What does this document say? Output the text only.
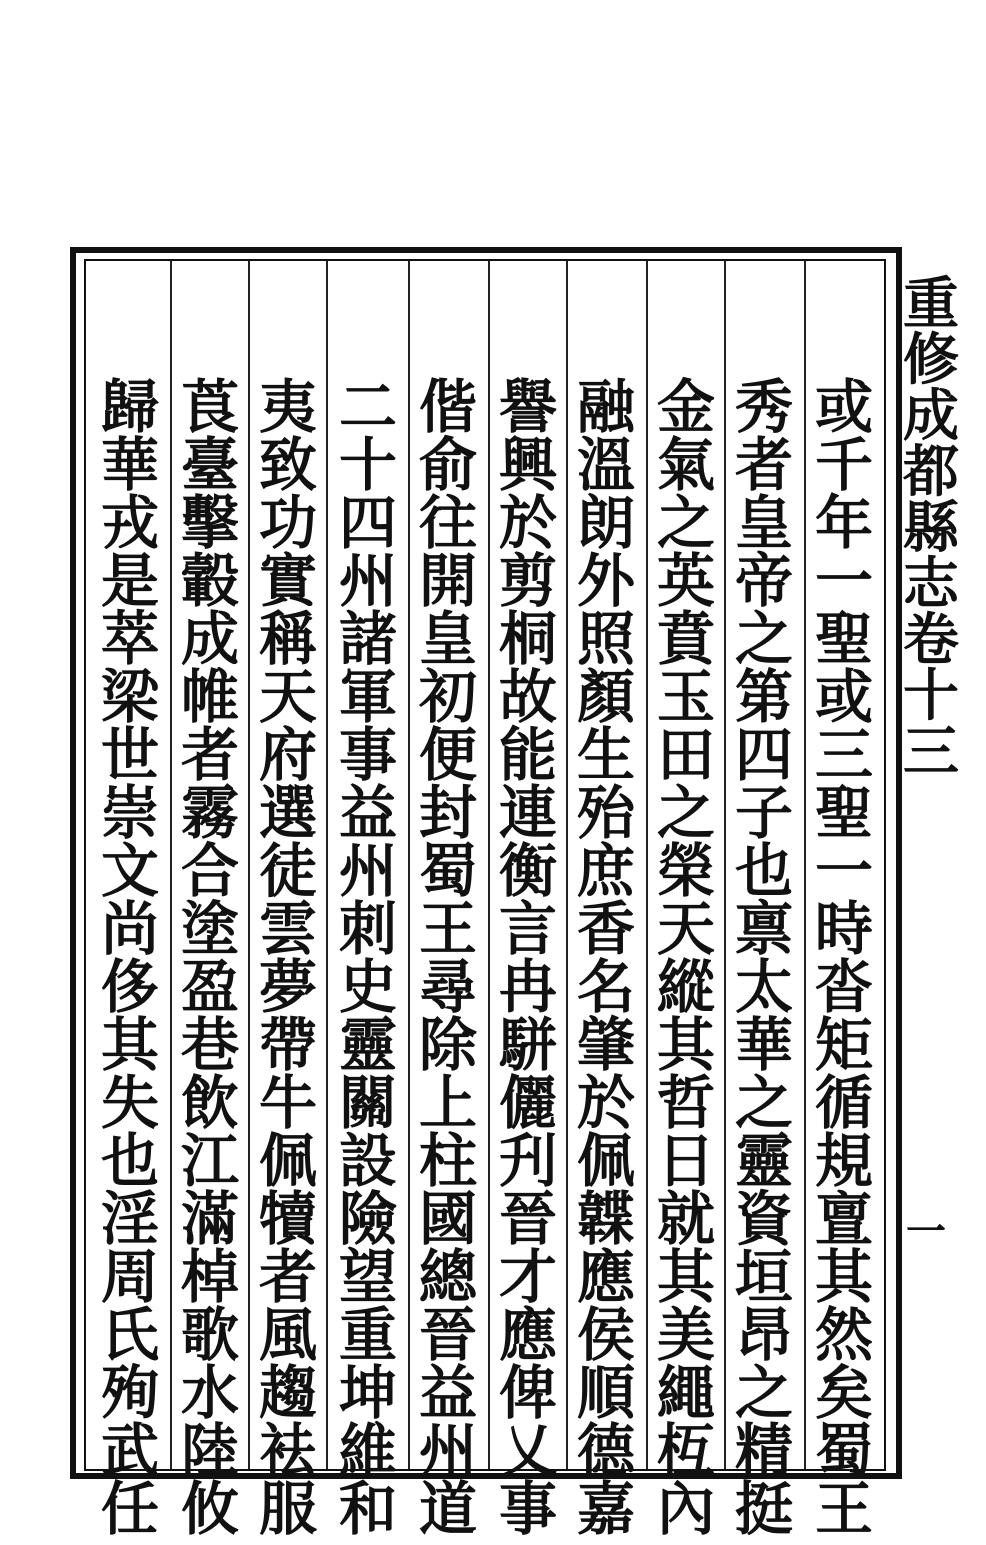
重
修
成
都
縣
志
卷
十
三
一
或
千
年
一
聖
或
三
聖
一
時
沓
矩
循
規
亶
其
然
矣
蜀
王
秀
者
皇
帝
之
第
四
子
也
禀
太
華
之
靈
資
垣
昂
之
精
挺
金
氣
之
英
賁
玉
田
之
榮
天
縱
其
哲
日
就
其
美
繩
枑
內
融
溫
朗
外
照
顏
生
殆
庶
香
名
肇
於
佩
韘
應
侯
順
德
嘉
譽
興
於
剪
桐
故
能
連
衡
言
冉
駢
儷
刋
晉
才
應
俾
乂
事
偕
俞
往
開
皇
初
便
封
蜀
王
尋
除
上
柱
國
總
晉
益
州
道
二
十
四
州
諸
軍
事
益
州
刺
史
靈
關
設
險
望
重
坤
維
和
夷
致
功
實
稱
天
府
選
徒
雲
夢
帶
牛
佩
犢
者
風
趨
袪
服
莨
臺
擊
轂
成
帷
者
霧
合
塗
盈
巷
飲
江
滿
棹
歌
水
陸
攸
歸
華
戎
是
萃
梁
世
崇
文
尚
侈
其
失
也
淫
周
氏
殉
武
任
